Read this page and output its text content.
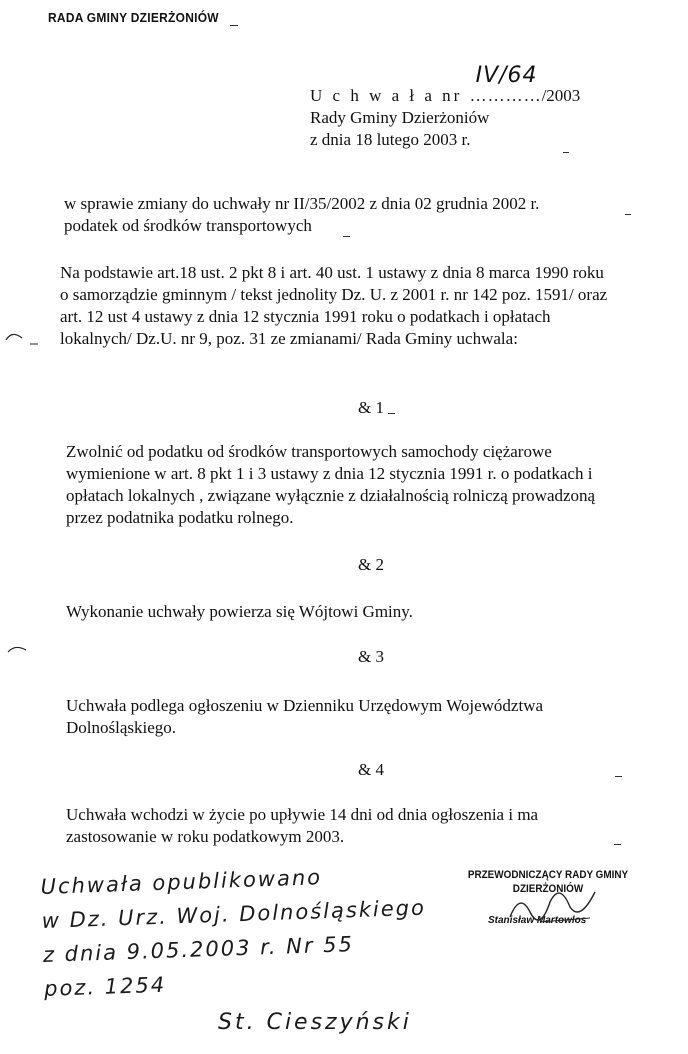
RADA GMINY DZIERŻONIÓW
U c h w a ł a nr …………
IV/64
/2003
Rady Gminy Dzierżoniów
z dnia 18 lutego 2003 r.
w sprawie zmiany do uchwały nr II/35/2002 z dnia 02 grudnia 2002 r.
podatek od środków transportowych
Na podstawie art.18 ust. 2 pkt 8 i art. 40 ust. 1 ustawy z dnia 8 marca 1990 roku
o samorządzie gminnym / tekst jednolity Dz. U. z 2001 r. nr 142 poz. 1591/ oraz
art. 12 ust 4 ustawy z dnia 12 stycznia 1991 roku o podatkach i opłatach
lokalnych/ Dz.U. nr 9, poz. 31 ze zmianami/ Rada Gminy uchwala:
& 1
Zwolnić od podatku od środków transportowych samochody ciężarowe
wymienione w art. 8 pkt 1 i 3 ustawy z dnia 12 stycznia 1991 r. o podatkach i
opłatach lokalnych , związane wyłącznie z działalnością rolniczą prowadzoną
przez podatnika podatku rolnego.
& 2
Wykonanie uchwały powierza się Wójtowi Gminy.
& 3
Uchwała podlega ogłoszeniu w Dzienniku Urzędowym Województwa
Dolnośląskiego.
& 4
Uchwała wchodzi w życie po upływie 14 dni od dnia ogłoszenia i ma
zastosowanie w roku podatkowym 2003.
PRZEWODNICZĄCY RADY GMINY
DZIERŻONIÓW
Stanisław Martowlos
Uchwała opublikowano
w Dz. Urz. Woj. Dolnośląskiego
z dnia 9.05.2003 r. Nr 55
poz. 1254
St. Cieszyński
